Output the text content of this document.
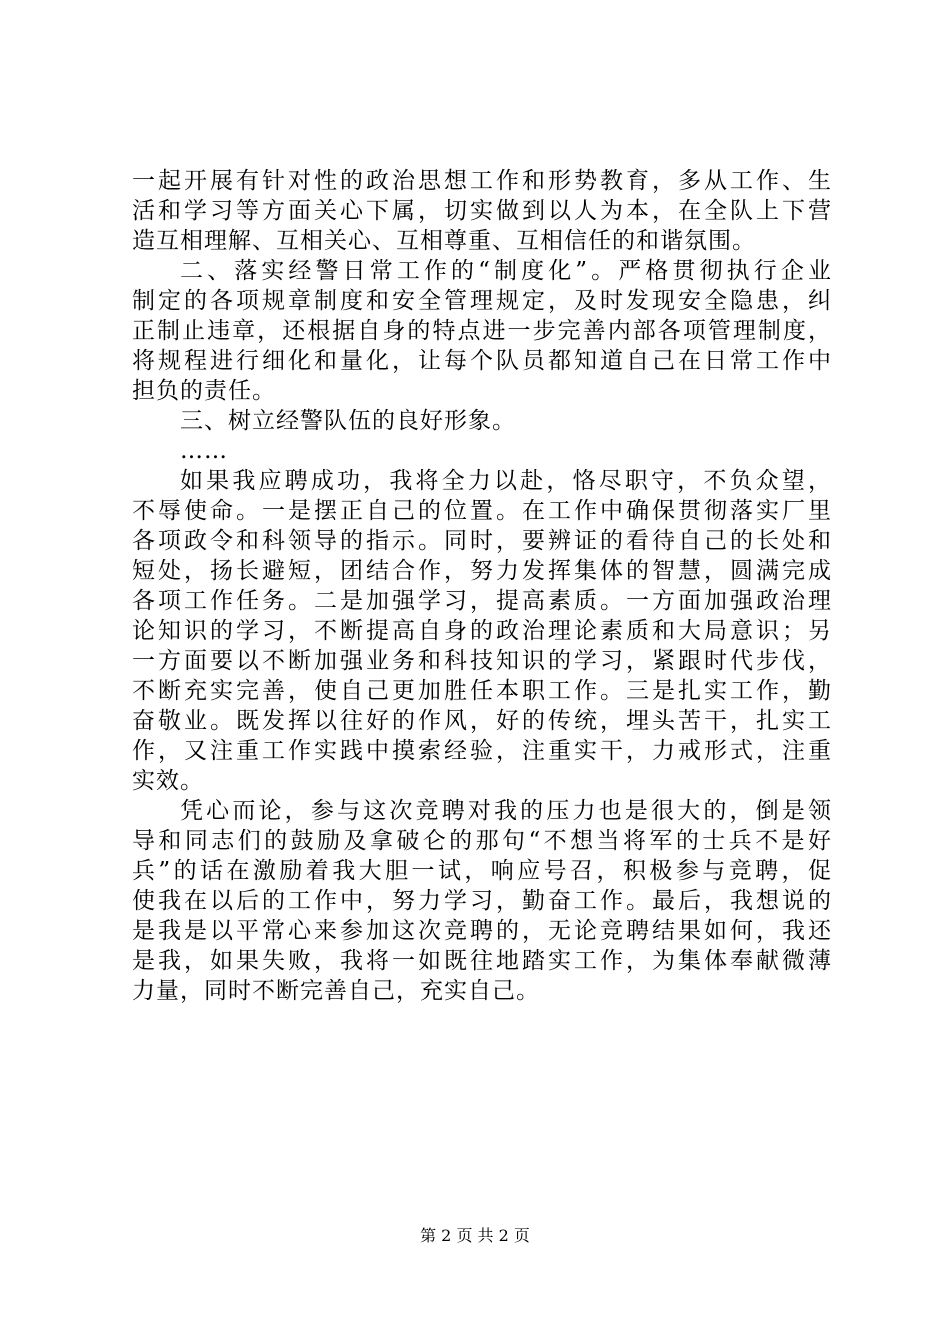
一起开展有针对性的政治思想工作和形势教育，多从工作、生
活和学习等方面关心下属，切实做到以人为本，在全队上下营
造互相理解、互相关心、互相尊重、互相信任的和谐氛围。
二、落实经警日常工作的“制度化”。严格贯彻执行企业
制定的各项规章制度和安全管理规定，及时发现安全隐患，纠
正制止违章，还根据自身的特点进一步完善内部各项管理制度，
将规程进行细化和量化，让每个队员都知道自己在日常工作中
担负的责任。
三、树立经警队伍的良好形象。
……
如果我应聘成功，我将全力以赴，恪尽职守，不负众望，
不辱使命。一是摆正自己的位置。在工作中确保贯彻落实厂里
各项政令和科领导的指示。同时，要辨证的看待自己的长处和
短处，扬长避短，团结合作，努力发挥集体的智慧，圆满完成
各项工作任务。二是加强学习，提高素质。一方面加强政治理
论知识的学习，不断提高自身的政治理论素质和大局意识；另
一方面要以不断加强业务和科技知识的学习，紧跟时代步伐，
不断充实完善，使自己更加胜任本职工作。三是扎实工作，勤
奋敬业。既发挥以往好的作风，好的传统，埋头苦干，扎实工
作，又注重工作实践中摸索经验，注重实干，力戒形式，注重
实效。
凭心而论，参与这次竞聘对我的压力也是很大的，倒是领
导和同志们的鼓励及拿破仑的那句“不想当将军的士兵不是好
兵”的话在激励着我大胆一试，响应号召，积极参与竞聘，促
使我在以后的工作中，努力学习，勤奋工作。最后，我想说的
是我是以平常心来参加这次竞聘的，无论竞聘结果如何，我还
是我，如果失败，我将一如既往地踏实工作，为集体奉献微薄
力量，同时不断完善自己，充实自己。
第 2 页 共 2 页
